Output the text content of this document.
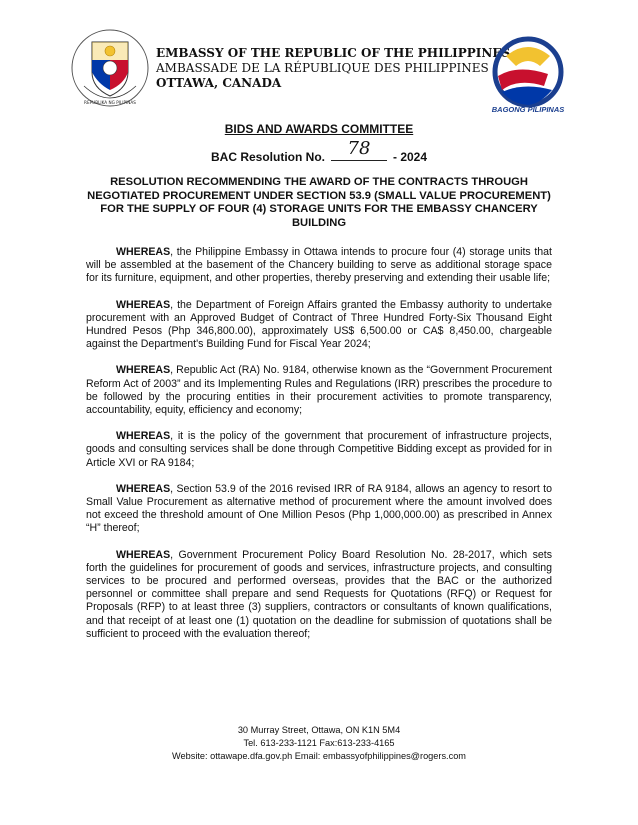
REPUBLIKA NG PILIPINAS
EMBASSY OF THE REPUBLIC OF THE PHILIPPINES
AMBASSADE DE LA RÉPUBLIQUE DES PHILIPPINES
OTTAWA, CANADA
BAGONG PILIPINAS
BIDS AND AWARDS COMMITTEE
BAC Resolution No.	78	- 2024
RESOLUTION RECOMMENDING THE AWARD OF THE CONTRACTS THROUGH NEGOTIATED PROCUREMENT UNDER SECTION 53.9 (SMALL VALUE PROCUREMENT) FOR THE SUPPLY OF FOUR (4) STORAGE UNITS FOR THE EMBASSY CHANCERY BUILDING

WHEREAS, the Philippine Embassy in Ottawa intends to procure four (4) storage units that will be assembled at the basement of the Chancery building to serve as additional storage space for its furniture, equipment, and other properties, thereby preserving and extending their usable life;

WHEREAS, the Department of Foreign Affairs granted the Embassy authority to undertake procurement with an Approved Budget of Contract of Three Hundred Forty-Six Thousand Eight Hundred Pesos (Php 346,800.00), approximately US$ 6,500.00 or CA$ 8,450.00, chargeable against the Department's Building Fund for Fiscal Year 2024;

WHEREAS, Republic Act (RA) No. 9184, otherwise known as the “Government Procurement Reform Act of 2003” and its Implementing Rules and Regulations (IRR) prescribes the procedure to be followed by the procuring entities in their procurement activities to promote transparency, accountability, equity, efficiency and economy;

WHEREAS, it is the policy of the government that procurement of infrastructure projects, goods and consulting services shall be done through Competitive Bidding except as provided for in Article XVI or RA 9184;

WHEREAS, Section 53.9 of the 2016 revised IRR of RA 9184, allows an agency to resort to Small Value Procurement as alternative method of procurement where the amount involved does not exceed the threshold amount of One Million Pesos (Php 1,000,000.00) as prescribed in Annex “H” thereof;

WHEREAS, Government Procurement Policy Board Resolution No. 28-2017, which sets forth the guidelines for procurement of goods and services, infrastructure projects, and consulting services to be procured and performed overseas, provides that the BAC or the authorized personnel or committee shall prepare and send Requests for Quotations (RFQ) or Request for Proposals (RFP) to at least three (3) suppliers, contractors or consultants of known qualifications, and that receipt of at least one (1) quotation on the deadline for submission of quotations shall be sufficient to proceed with the evaluation thereof;

30 Murray Street, Ottawa, ON K1N 5M4
Tel. 613-233-1121 Fax:613-233-4165
Website: ottawape.dfa.gov.ph Email: embassyofphilippines@rogers.com
